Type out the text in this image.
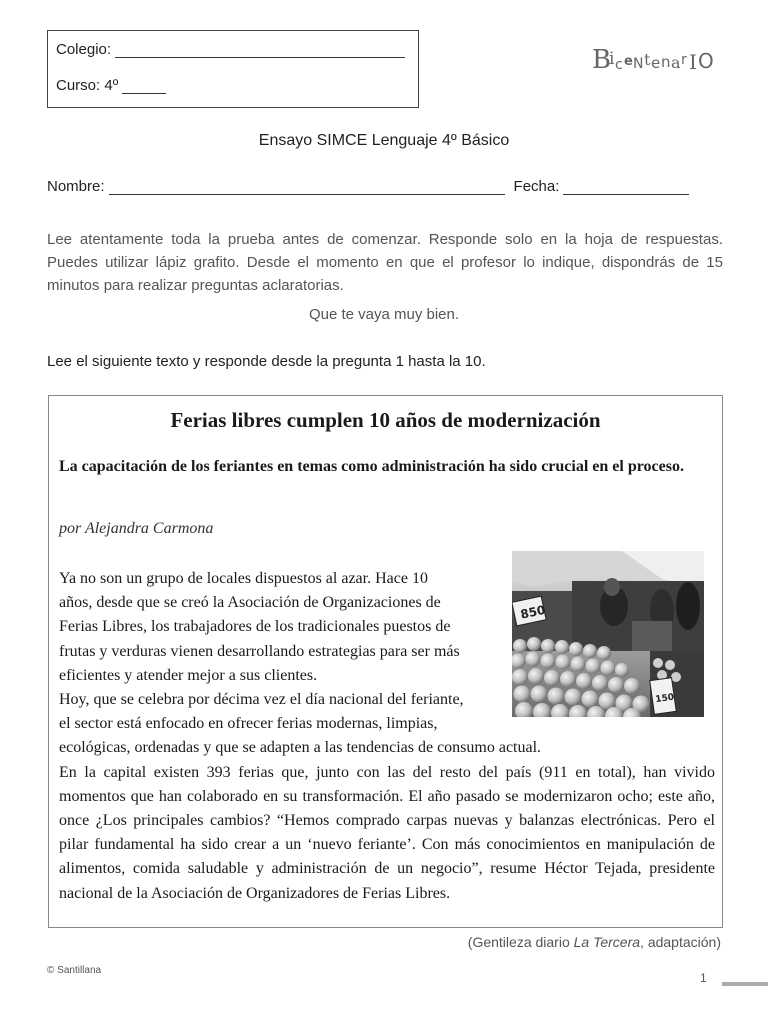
Colegio:
Curso: 4º
B
i c e N t e n a r I O
Ensayo SIMCE Lenguaje 4º Básico
Nombre:	Fecha:
Lee atentamente toda la prueba antes de comenzar. Responde solo en la hoja de respuestas. Puedes utilizar lápiz grafito. Desde el momento en que el profesor lo indique, dispondrás de 15 minutos para realizar preguntas aclaratorias.
Que te vaya muy bien.
Lee el siguiente texto y responde desde la pregunta 1 hasta la 10.
Ferias libres cumplen 10 años de modernización
La capacitación de los feriantes en temas como administración ha sido crucial en el proceso.
por Alejandra Carmona
850
150
Ya no son un grupo de locales dispuestos al azar. Hace 10
años, desde que se creó la Asociación de Organizaciones de
Ferias Libres, los trabajadores de los tradicionales puestos de
frutas y verduras vienen desarrollando estrategias para ser más
eficientes y atender mejor a sus clientes.
Hoy, que se celebra por décima vez el día nacional del feriante,
el sector está enfocado en ofrecer ferias modernas, limpias,
ecológicas, ordenadas y que se adapten a las tendencias de consumo actual.
En la capital existen 393 ferias que, junto con las del resto del país (911 en total), han vivido momentos que han colaborado en su transformación. El año pasado se modernizaron ocho; este año, once ¿Los principales cambios? “Hemos comprado carpas nuevas y balanzas electrónicas. Pero el pilar fundamental ha sido crear a un ‘nuevo feriante’. Con más conocimientos en manipulación de alimentos, comida saludable y administración de un negocio”, resume Héctor Tejada, presidente nacional de la Asociación de Organizadores de Ferias Libres.
(Gentileza diario La Tercera, adaptación)
© Santillana
1
